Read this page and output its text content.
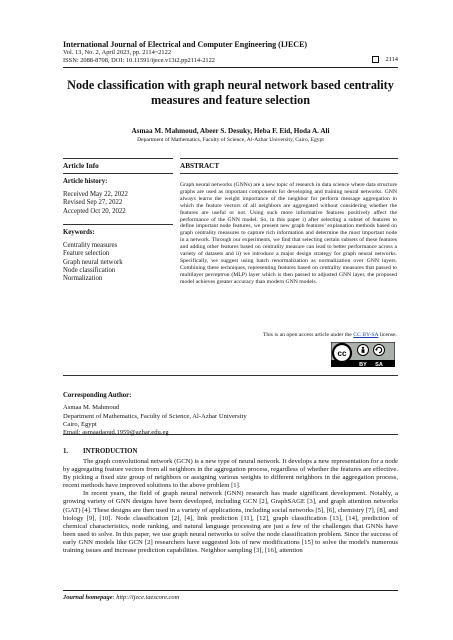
International Journal of Electrical and Computer Engineering (IJECE)
Vol. 13, No. 2, April 2023, pp. 2114~2122
ISSN: 2088-8708, DOI: 10.11591/ijece.v13i2.pp2114-2122	2114
Node classification with graph neural network based centrality measures and feature selection
Asmaa M. Mahmoud, Abeer S. Desuky, Heba F. Eid, Hoda A. Ali
Department of Mathematics, Faculty of Science, Al-Azhar University, Cairo, Egypt
Article Info	ABSTRACT
Article history:
Received May 22, 2022
Revised Sep 27, 2022
Accepted Oct 20, 2022
Keywords:
Centrality measures
Feature selection
Graph neural network
Node classification
Normalization
Graph neural networks (GNNs) are a new topic of research in data science where data structure graphs are used as important components for developing and training neural networks. GNN always learns the weight importance of the neighbor for perform message aggregation in which the feature vectors of all neighbors are aggregated without considering whether the features are useful or not. Using such more informative features positively affect the performance of the GNN model. So, in this paper i) after selecting a subset of features to define important node features, we present new graph features’ explanation methods based on graph centrality measures to capture rich information and determine the most important node in a network. Through our experiments, we find that selecting certain subsets of these features and adding other features based on centrality measure can lead to better performance across a variety of datasets and ii) we introduce a major design strategy for graph neural networks. Specifically, we suggest using batch renormalization as normalization over GNN layers. Combining these techniques, representing features based on centrality measures that passed to multilayer perceptron (MLP) layer which is then passed to adjusted GNN layer, the proposed model achieves greater accuracy than modern GNN models.
This is an open access article under the CC BY-SA license.
cc
BY SA
Corresponding Author:
Asmaa M. Mahmoud
Department of Mathematics, Faculty of Science, Al-Azhar University
Cairo, Egypt
Email: asmaadaoud.1959@azhar.edu.eg
1. INTRODUCTION

The graph convolutional network (GCN) is a new type of neural network. It develops a new representation for a node by aggregating feature vectors from all neighbors in the aggregation process, regardless of whether the features are effective. By picking a fixed size group of neighbors or assigning various weights to different neighbors in the aggregation process, recent methods have improved solutions to the above problem [1].

In recent years, the field of graph neural network (GNN) research has made significant development. Notably, a growing variety of GNN designs have been developed, including GCN [2], GraphSAGE [3], and graph attention networks (GAT) [4]. These designs are then used in a variety of applications, including social networks [5], [6], chemistry [7], [8], and biology [9], [10]. Node classification [2], [4], link prediction [11], [12], graph classification [13], [14], prediction of chemical characteristics, node ranking, and natural language processing are just a few of the challenges that GNNs have been used to solve. In this paper, we use graph neural networks to solve the node classification problem. Since the success of early GNN models like GCN [2] researchers have suggested lots of new modifications [15] to solve the model's numerous training issues and increase prediction capabilities. Neighbor sampling [3], [16], attention

Journal homepage: http://ijece.iaescore.com
